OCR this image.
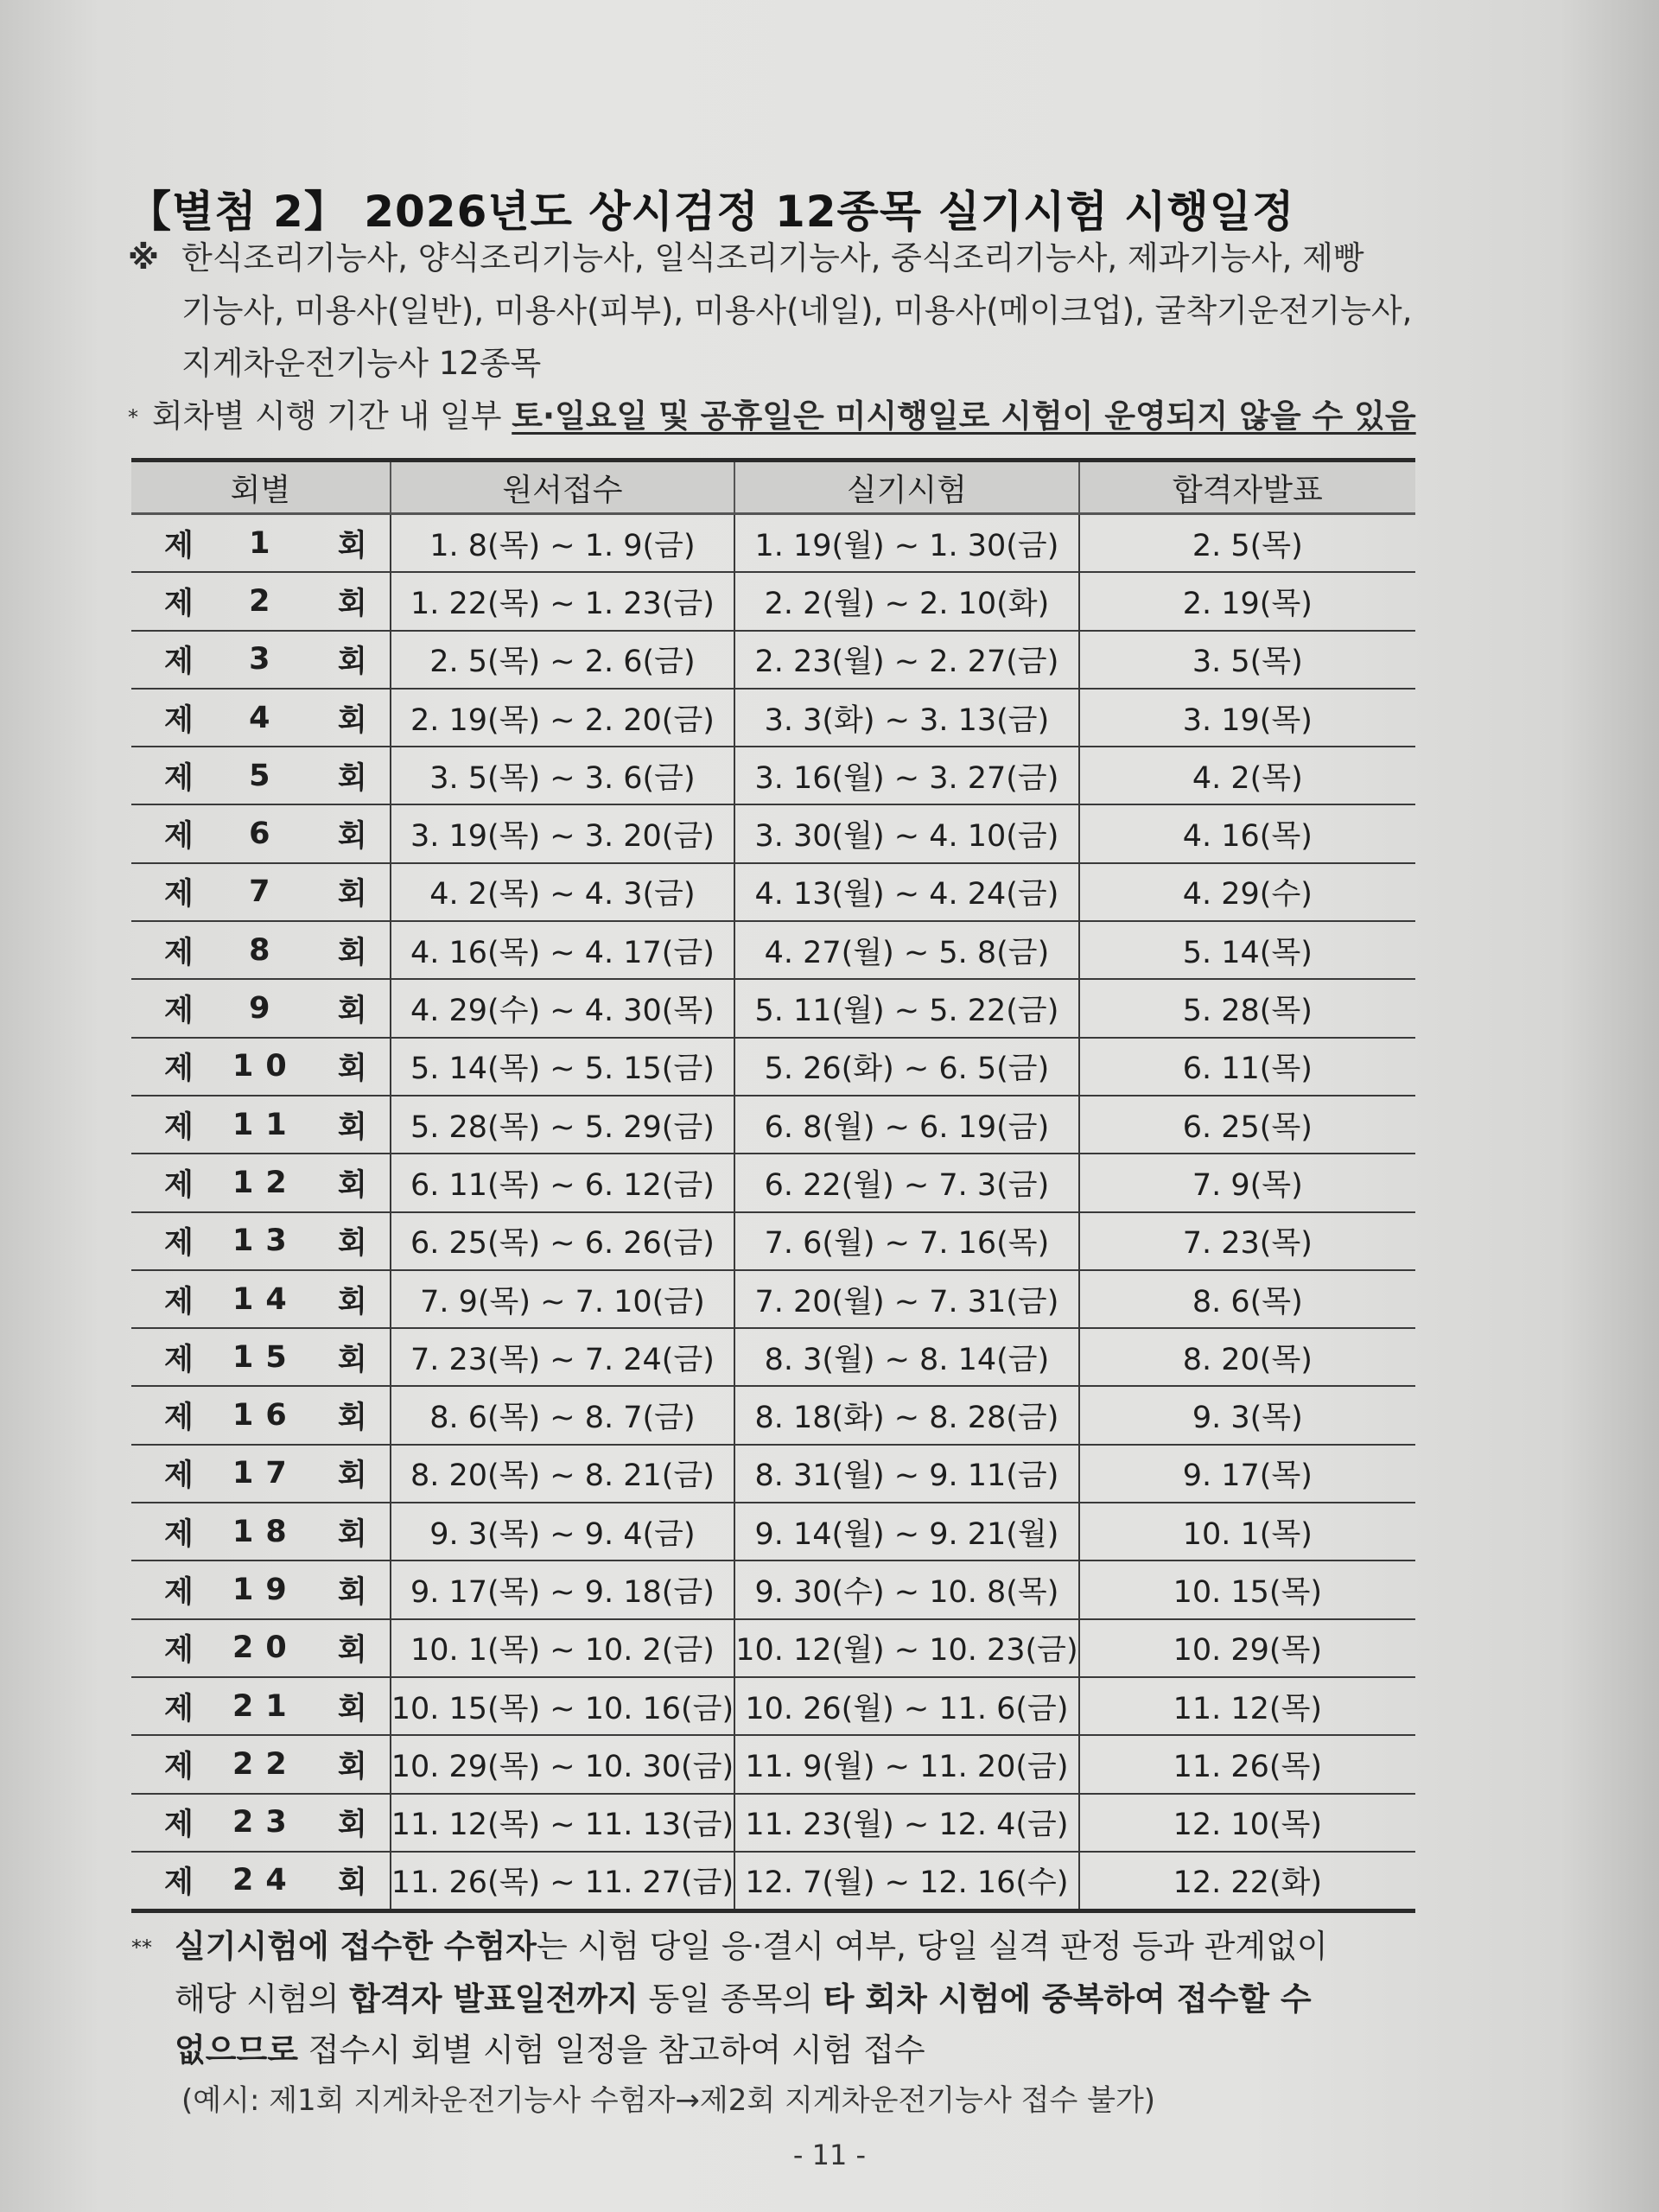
【별첨 2】 2026년도 상시검정 12종목 실기시험 시행일정
※ 한식조리기능사, 양식조리기능사, 일식조리기능사, 중식조리기능사, 제과기능사, 제빵
기능사, 미용사(일반), 미용사(피부), 미용사(네일), 미용사(메이크업), 굴착기운전기능사,
지게차운전기능사 12종목
* 회차별 시행 기간 내 일부 토·일요일 및 공휴일은 미시행일로 시험이 운영되지 않을 수 있음
회별	원서접수	실기시험	합격자발표

제 1 회	1. 8(목) ~ 1. 9(금)	1. 19(월) ~ 1. 30(금)	2. 5(목)

제 2 회	1. 22(목) ~ 1. 23(금)	2. 2(월) ~ 2. 10(화)	2. 19(목)

제 3 회	2. 5(목) ~ 2. 6(금)	2. 23(월) ~ 2. 27(금)	3. 5(목)

제 4 회	2. 19(목) ~ 2. 20(금)	3. 3(화) ~ 3. 13(금)	3. 19(목)

제 5 회	3. 5(목) ~ 3. 6(금)	3. 16(월) ~ 3. 27(금)	4. 2(목)

제 6 회	3. 19(목) ~ 3. 20(금)	3. 30(월) ~ 4. 10(금)	4. 16(목)

제 7 회	4. 2(목) ~ 4. 3(금)	4. 13(월) ~ 4. 24(금)	4. 29(수)

제 8 회	4. 16(목) ~ 4. 17(금)	4. 27(월) ~ 5. 8(금)	5. 14(목)

제 9 회	4. 29(수) ~ 4. 30(목)	5. 11(월) ~ 5. 22(금)	5. 28(목)

제 10 회	5. 14(목) ~ 5. 15(금)	5. 26(화) ~ 6. 5(금)	6. 11(목)

제 11 회	5. 28(목) ~ 5. 29(금)	6. 8(월) ~ 6. 19(금)	6. 25(목)

제 12 회	6. 11(목) ~ 6. 12(금)	6. 22(월) ~ 7. 3(금)	7. 9(목)

제 13 회	6. 25(목) ~ 6. 26(금)	7. 6(월) ~ 7. 16(목)	7. 23(목)

제 14 회	7. 9(목) ~ 7. 10(금)	7. 20(월) ~ 7. 31(금)	8. 6(목)

제 15 회	7. 23(목) ~ 7. 24(금)	8. 3(월) ~ 8. 14(금)	8. 20(목)

제 16 회	8. 6(목) ~ 8. 7(금)	8. 18(화) ~ 8. 28(금)	9. 3(목)

제 17 회	8. 20(목) ~ 8. 21(금)	8. 31(월) ~ 9. 11(금)	9. 17(목)

제 18 회	9. 3(목) ~ 9. 4(금)	9. 14(월) ~ 9. 21(월)	10. 1(목)

제 19 회	9. 17(목) ~ 9. 18(금)	9. 30(수) ~ 10. 8(목)	10. 15(목)

제 20 회	10. 1(목) ~ 10. 2(금)	10. 12(월) ~ 10. 23(금)	10. 29(목)

제 21 회	10. 15(목) ~ 10. 16(금)	10. 26(월) ~ 11. 6(금)	11. 12(목)

제 22 회	10. 29(목) ~ 10. 30(금)	11. 9(월) ~ 11. 20(금)	11. 26(목)

제 23 회	11. 12(목) ~ 11. 13(금)	11. 23(월) ~ 12. 4(금)	12. 10(목)

제 24 회	11. 26(목) ~ 11. 27(금)	12. 7(월) ~ 12. 16(수)	12. 22(화)
** 실기시험에 접수한 수험자는 시험 당일 응·결시 여부, 당일 실격 판정 등과 관계없이
해당 시험의 합격자 발표일전까지 동일 종목의 타 회차 시험에 중복하여 접수할 수
없으므로 접수시 회별 시험 일정을 참고하여 시험 접수
(예시: 제1회 지게차운전기능사 수험자→제2회 지게차운전기능사 접수 불가)
- 11 -
